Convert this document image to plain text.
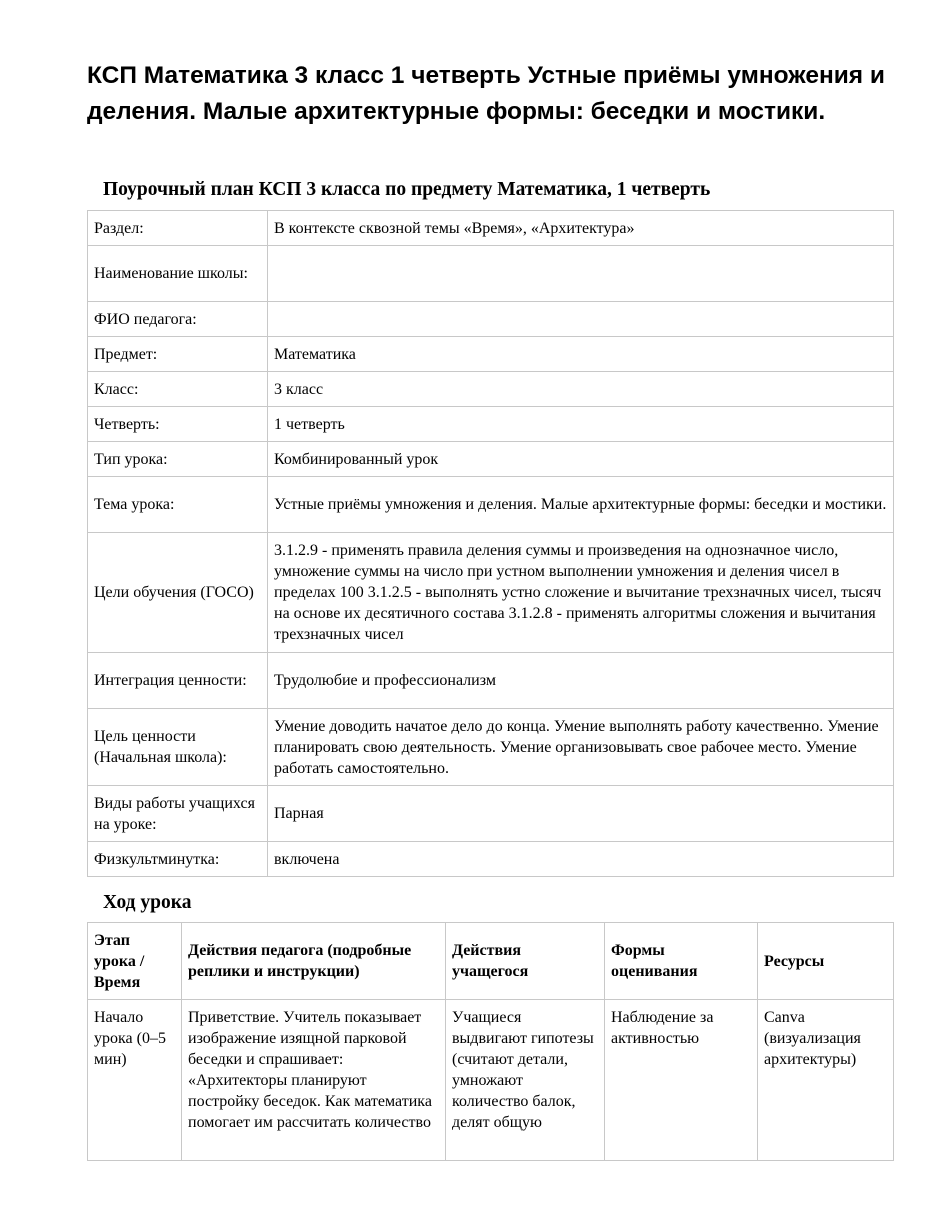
КСП Математика 3 класс 1 четверть Устные приёмы умножения и деления. Малые архитектурные формы: беседки и мостики.
Поурочный план КСП 3 класса по предмету Математика, 1 четверть
Раздел:	В контексте сквозной темы «Время», «Архитектура»
Наименование школы:	
ФИО педагога:	
Предмет:	Математика
Класс:	3 класс
Четверть:	1 четверть
Тип урока:	Комбинированный урок
Тема урока:	Устные приёмы умножения и деления. Малые архитектурные формы: беседки и мостики.
Цели обучения (ГОСО)	3.1.2.9 - применять правила деления суммы и произведения на однозначное число, умножение суммы на число при устном выполнении умножения и деления чисел в пределах 100 3.1.2.5 - выполнять устно сложение и вычитание трехзначных чисел, тысяч на основе их десятичного состава 3.1.2.8 - применять алгоритмы сложения и вычитания трехзначных чисел
Интеграция ценности:	Трудолюбие и профессионализм
Цель ценности (Начальная школа):	Умение доводить начатое дело до конца. Умение выполнять работу качественно. Умение планировать свою деятельность. Умение организовывать свое рабочее место. Умение работать самостоятельно.
Виды работы учащихся на уроке:	Парная
Физкультминутка:	включена
Ход урока
Этап урока / Время	Действия педагога (подробные реплики и инструкции)	Действия учащегося	Формы оценивания	Ресурсы

Начало урока (0–5 мин)	Приветствие. Учитель показывает изображение изящной парковой беседки и спрашивает: «Архитекторы планируют постройку беседок. Как математика помогает им рассчитать количество	Учащиеся выдвигают гипотезы (считают детали, умножают количество балок, делят общую	Наблюдение за активностью	Canva (визуализация архитектуры)
